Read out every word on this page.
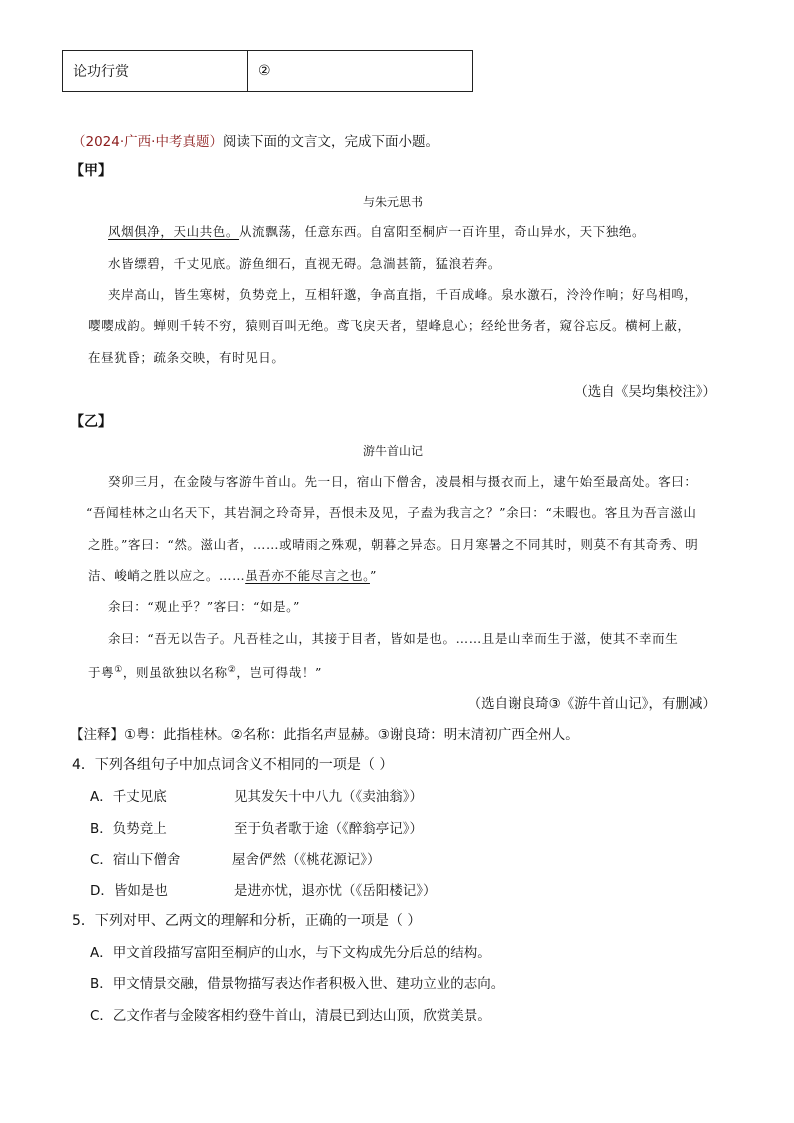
论功行赏	②
（2024·广西·中考真题）阅读下面的文言文，完成下面小题。
【甲】
与朱元思书
风烟俱净，天山共色。从流飘荡，任意东西。自富阳至桐庐一百许里，奇山异水，天下独绝。
水皆缥碧，千丈见底。游鱼细石，直视无碍。急湍甚箭，猛浪若奔。
夹岸高山，皆生寒树，负势竞上，互相轩邈，争高直指，千百成峰。泉水激石，泠泠作响；好鸟相鸣，
嘤嘤成韵。蝉则千转不穷，猿则百叫无绝。鸢飞戾天者，望峰息心；经纶世务者，窥谷忘反。横柯上蔽，
在昼犹昏；疏条交映，有时见日。
（选自《吴均集校注》）
【乙】
游牛首山记
癸卯三月，在金陵与客游牛首山。先一日，宿山下僧舍，凌晨相与摄衣而上，逮午始至最高处。客曰：
“吾闻桂林之山名天下，其岩洞之玲奇异，吾恨未及见，子盍为我言之？”余曰：“未暇也。客且为吾言滋山
之胜。”客曰：“然。滋山者，……或晴雨之殊观，朝暮之异态。日月寒暑之不同其时，则莫不有其奇秀、明
洁、峻峭之胜以应之。……虽吾亦不能尽言之也。”
余曰：“观止乎？”客曰：“如是。”
余曰：“吾无以告子。凡吾桂之山，其接于目者，皆如是也。……且是山幸而生于滋，使其不幸而生
于粤①，则虽欲独以名称②，岂可得哉！”
（选自谢良琦③《游牛首山记》，有删减）
【注释】①粤：此指桂林。②名称：此指名声显赫。③谢良琦：明末清初广西全州人。
4．下列各组句子中加点词含义不相同的一项是（ ）
A．千丈见底	见其发矢十中八九（《卖油翁》）
B．负势竞上	至于负者歌于途（《醉翁亭记》）
C．宿山下僧舍	屋舍俨然（《桃花源记》）
D．皆如是也	是进亦忧，退亦忧（《岳阳楼记》）
5．下列对甲、乙两文的理解和分析，正确的一项是（ ）
A．甲文首段描写富阳至桐庐的山水，与下文构成先分后总的结构。
B．甲文情景交融，借景物描写表达作者积极入世、建功立业的志向。
C．乙文作者与金陵客相约登牛首山，清晨已到达山顶，欣赏美景。
